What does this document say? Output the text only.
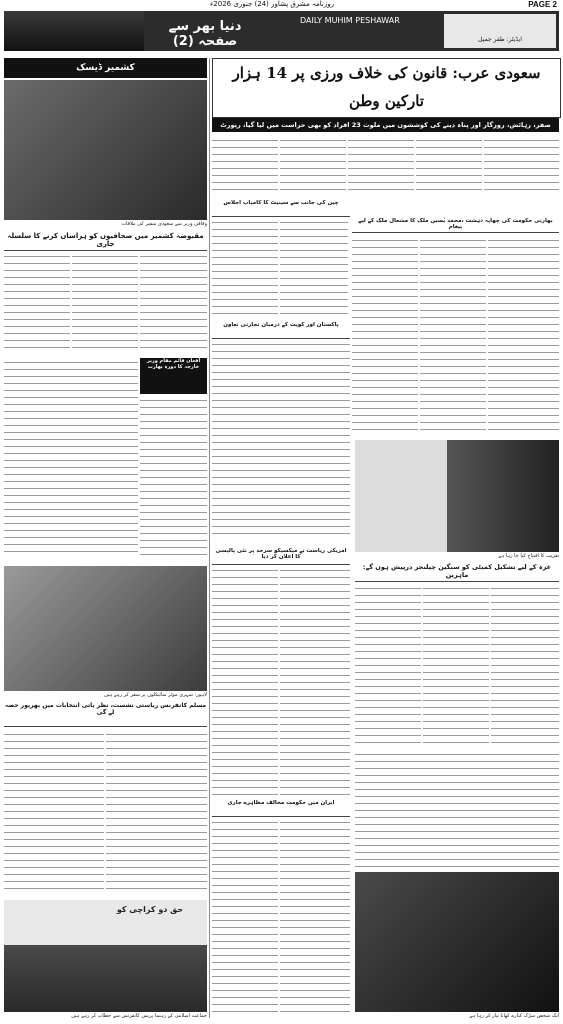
PAGE 2
روزنامہ مشرق پشاور (24) جنوری 2026ء
دنیا بھر سے صفحہ (2)
DAILY MUHIM PESHAWAR
ایڈیٹر: ظفر جمیل
کشمیر ڈیسک
وفاقی وزیر سے سعودی سفیر کی ملاقات
مقبوضہ کشمیر میں صحافیوں کو ہراساں کرنے کا سلسلہ جاری
افغان قائم مقام وزیر خارجہ کا دورہ بھارت
لاہور: شہری موٹر سائیکلوں پر سفر کر رہے ہیں
مسلم کانفرنس ریاستی نشست، نظر یاتی انتخابات میں بھرپور حصہ لے گی
حق دو کراچی کو
جماعت اسلامی کے رہنما پریس کانفرنس سے خطاب کر رہے ہیں
سعودی عرب: قانون کی خلاف ورزی پر 14 ہزار تارکین وطن
صفر، رہائش، روزگار اور پناہ دینے کی کوششوں میں ملوث 23 افراد کو بھی حراست میں لیا گیا، رپورٹ
بھارتی حکومت کی چھاپہ دہشت ،محمد یٰسین ملک کا مشعال ملک کے لیے پیغام
چین کی جانب سے سینیٹ کا کامیاب اجلاس
پاکستان اور کویت کے درمیان تجارتی تعاون
تقریب کا افتتاح کیا جا رہا ہے
غزہ کے لیے تشکیل کمیٹی کو سنگین چیلنجز درپیش ہوں گے: ماہرین
امریکی ریاست نے میکسیکو سرحد پر نئی پالیسی کا اعلان کر دیا
ایران میں حکومت مخالف مظاہرے جاری
ایک شخص سڑک کنارے کھانا تیار کر رہا ہے
